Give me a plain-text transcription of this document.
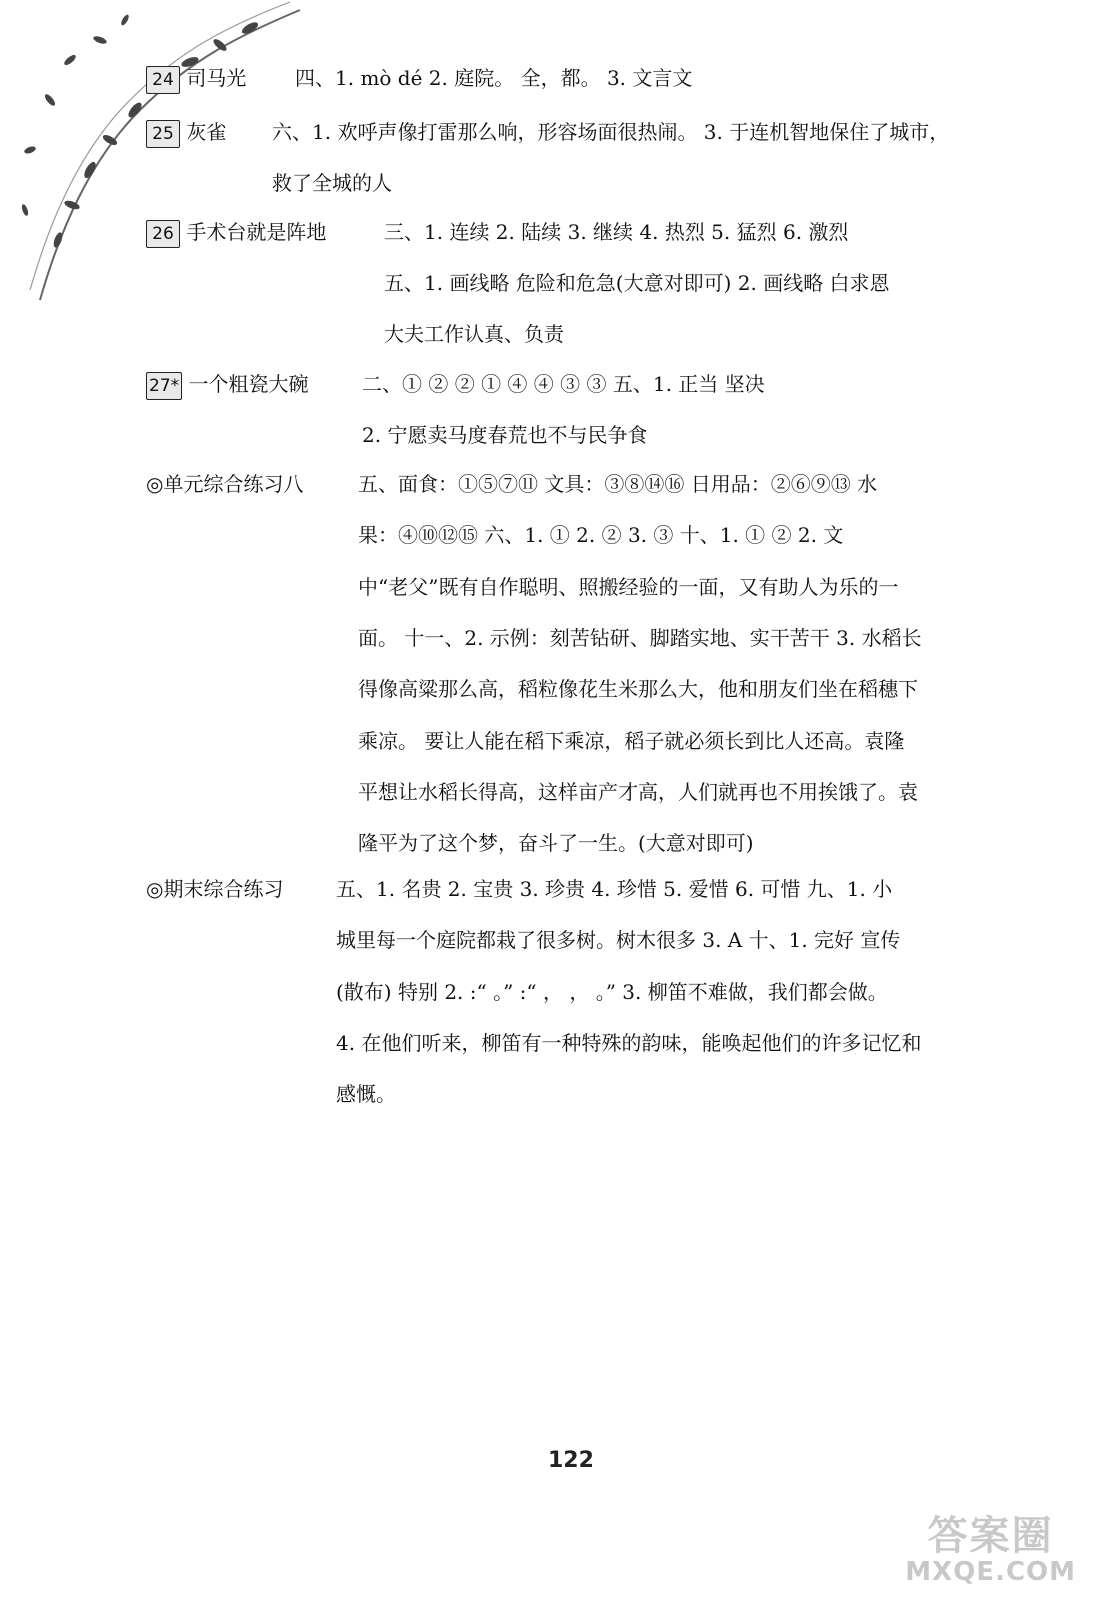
24 司马光 四、1. mò dé 2. 庭院。 全，都。 3. 文言文
25 灰雀 六、1. 欢呼声像打雷那么响，形容场面很热闹。 3. 于连机智地保住了城市，
救了全城的人
26 手术台就是阵地	三、1. 连续 2. 陆续 3. 继续 4. 热烈 5. 猛烈 6. 激烈
五、1. 画线略 危险和危急(大意对即可) 2. 画线略 白求恩
大夫工作认真、负责
27* 一个粗瓷大碗	二、① ② ② ① ④ ④ ③ ③ 五、1. 正当 坚决
2. 宁愿卖马度春荒也不与民争食
◎单元综合练习八	五、面食：①⑤⑦⑪ 文具：③⑧⑭⑯ 日用品：②⑥⑨⑬ 水
果：④⑩⑫⑮ 六、1. ① 2. ② 3. ③ 十、1. ① ② 2. 文
中“老父”既有自作聪明、照搬经验的一面，又有助人为乐的一
面。 十一、2. 示例：刻苦钻研、脚踏实地、实干苦干 3. 水稻长
得像高粱那么高，稻粒像花生米那么大，他和朋友们坐在稻穗下
乘凉。 要让人能在稻下乘凉，稻子就必须长到比人还高。袁隆
平想让水稻长得高，这样亩产才高，人们就再也不用挨饿了。袁
隆平为了这个梦，奋斗了一生。(大意对即可)
◎期末综合练习	五、1. 名贵 2. 宝贵 3. 珍贵 4. 珍惜 5. 爱惜 6. 可惜 九、1. 小
城里每一个庭院都栽了很多树。树木很多 3. A 十、1. 完好 宣传
(散布) 特别 2. :“ 。” :“ ， ， 。” 3. 柳笛不难做，我们都会做。
4. 在他们听来，柳笛有一种特殊的韵味，能唤起他们的许多记忆和
感慨。
122
答案圈
MXQE.COM
